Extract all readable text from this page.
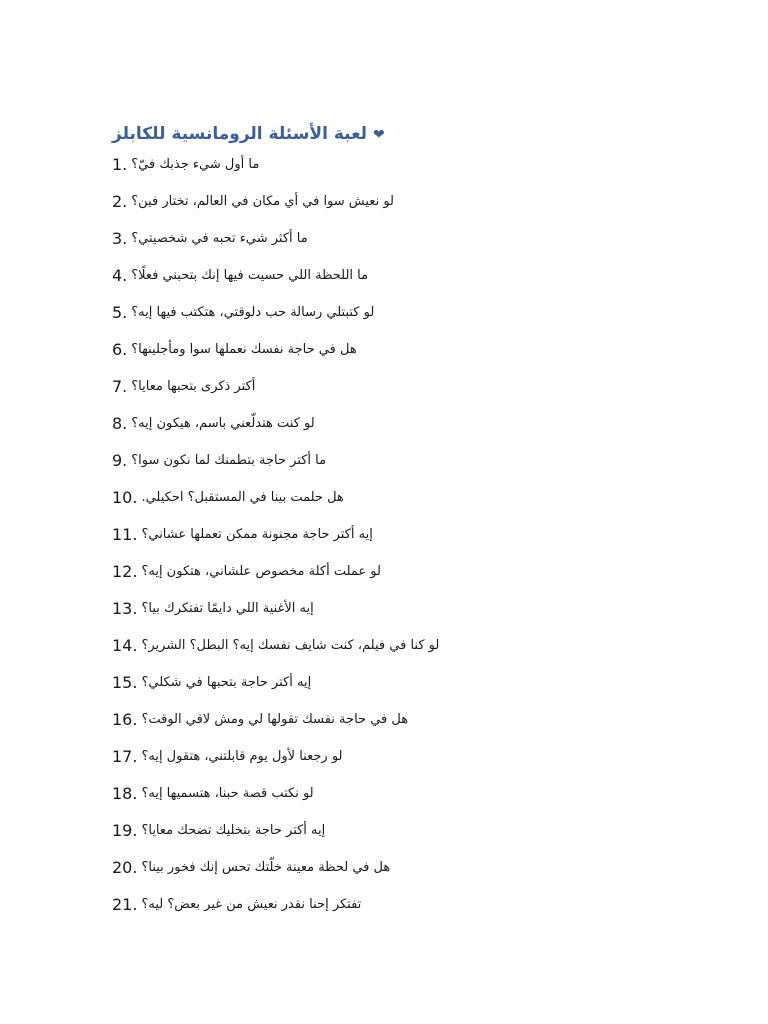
❤ لعبة الأسئلة الرومانسية للكابلز
1. ما أول شيء جذبك فيّ؟
2. لو نعيش سوا في أي مكان في العالم، تختار فين؟
3. ما أكثر شيء تحبه في شخصيتي؟
4. ما اللحظة اللي حسيت فيها إنك بتحبني فعلًا؟
5. لو كتبتلي رسالة حب دلوقتي، هتكتب فيها إيه؟
6. هل في حاجة نفسك نعملها سوا ومأجلينها؟
7. أكتر ذكرى بتحبها معايا؟
8. لو كنت هتدلّعني باسم، هيكون إيه؟
9. ما أكتر حاجة بتطمنك لما نكون سوا؟
10. هل حلمت بينا في المستقبل؟ احكيلي.
11. إيه أكتر حاجة مجنونة ممكن تعملها عشاني؟
12. لو عملت أكلة مخصوص علشاني، هتكون إيه؟
13. إيه الأغنية اللي دايمًا تفتكرك بيا؟
14. لو كنا في فيلم، كنت شايف نفسك إيه؟ البطل؟ الشرير؟
15. إيه أكتر حاجة بتحبها في شكلي؟
16. هل في حاجة نفسك تقولها لي ومش لاقي الوقت؟
17. لو رجعنا لأول يوم قابلتني، هتقول إيه؟
18. لو نكتب قصة حبنا، هتسميها إيه؟
19. إيه أكتر حاجة بتخليك تضحك معايا؟
20. هل في لحظة معينة خلّتك تحس إنك فخور بينا؟
21. تفتكر إحنا نقدر نعيش من غير بعض؟ ليه؟
